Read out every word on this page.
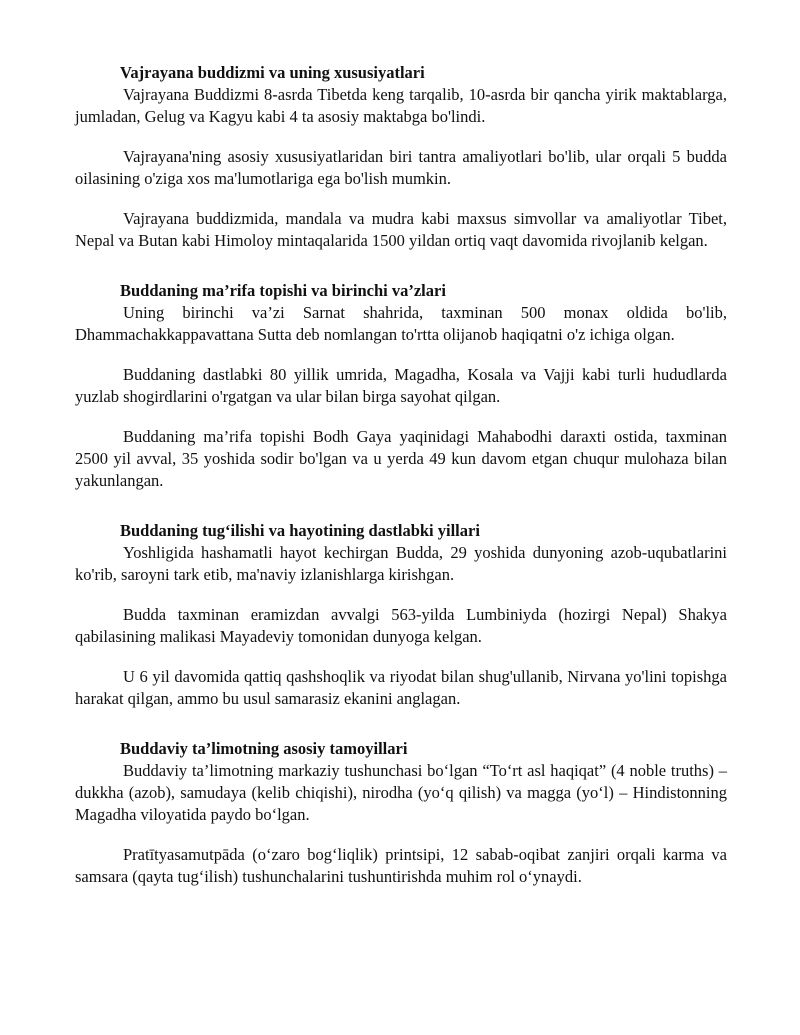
Vajrayana buddizmi va uning xususiyatlari

Vajrayana Buddizmi 8-asrda Tibetda keng tarqalib, 10-asrda bir qancha yirik maktablarga, jumladan, Gelug va Kagyu kabi 4 ta asosiy maktabga bo'lindi.

Vajrayana'ning asosiy xususiyatlaridan biri tantra amaliyotlari bo'lib, ular orqali 5 budda oilasining o'ziga xos ma'lumotlariga ega bo'lish mumkin.

Vajrayana buddizmida, mandala va mudra kabi maxsus simvollar va amaliyotlar Tibet, Nepal va Butan kabi Himoloy mintaqalarida 1500 yildan ortiq vaqt davomida rivojlanib kelgan.

Buddaning ma’rifa topishi va birinchi va’zlari

Uning birinchi va’zi Sarnat shahrida, taxminan 500 monax oldida bo'lib, Dhammachakkappavattana Sutta deb nomlangan to'rtta olijanob haqiqatni o'z ichiga olgan.

Buddaning dastlabki 80 yillik umrida, Magadha, Kosala va Vajji kabi turli hududlarda yuzlab shogirdlarini o'rgatgan va ular bilan birga sayohat qilgan.

Buddaning ma’rifa topishi Bodh Gaya yaqinidagi Mahabodhi daraxti ostida, taxminan 2500 yil avval, 35 yoshida sodir bo'lgan va u yerda 49 kun davom etgan chuqur mulohaza bilan yakunlangan.

Buddaning tug‘ilishi va hayotining dastlabki yillari

Yoshligida hashamatli hayot kechirgan Budda, 29 yoshida dunyoning azob-uqubatlarini ko'rib, saroyni tark etib, ma'naviy izlanishlarga kirishgan.

Budda taxminan eramizdan avvalgi 563-yilda Lumbiniyda (hozirgi Nepal) Shakya qabilasining malikasi Mayadeviy tomonidan dunyoga kelgan.

U 6 yil davomida qattiq qashshoqlik va riyodat bilan shug'ullanib, Nirvana yo'lini topishga harakat qilgan, ammo bu usul samarasiz ekanini anglagan.

Buddaviy ta’limotning asosiy tamoyillari

Buddaviy ta’limotning markaziy tushunchasi bo‘lgan “To‘rt asl haqiqat” (4 noble truths) – dukkha (azob), samudaya (kelib chiqishi), nirodha (yo‘q qilish) va magga (yo‘l) – Hindistonning Magadha viloyatida paydo bo‘lgan.

Pratītyasamutpāda (o‘zaro bog‘liqlik) printsipi, 12 sabab-oqibat zanjiri orqali karma va samsara (qayta tug‘ilish) tushunchalarini tushuntirishda muhim rol o‘ynaydi.
